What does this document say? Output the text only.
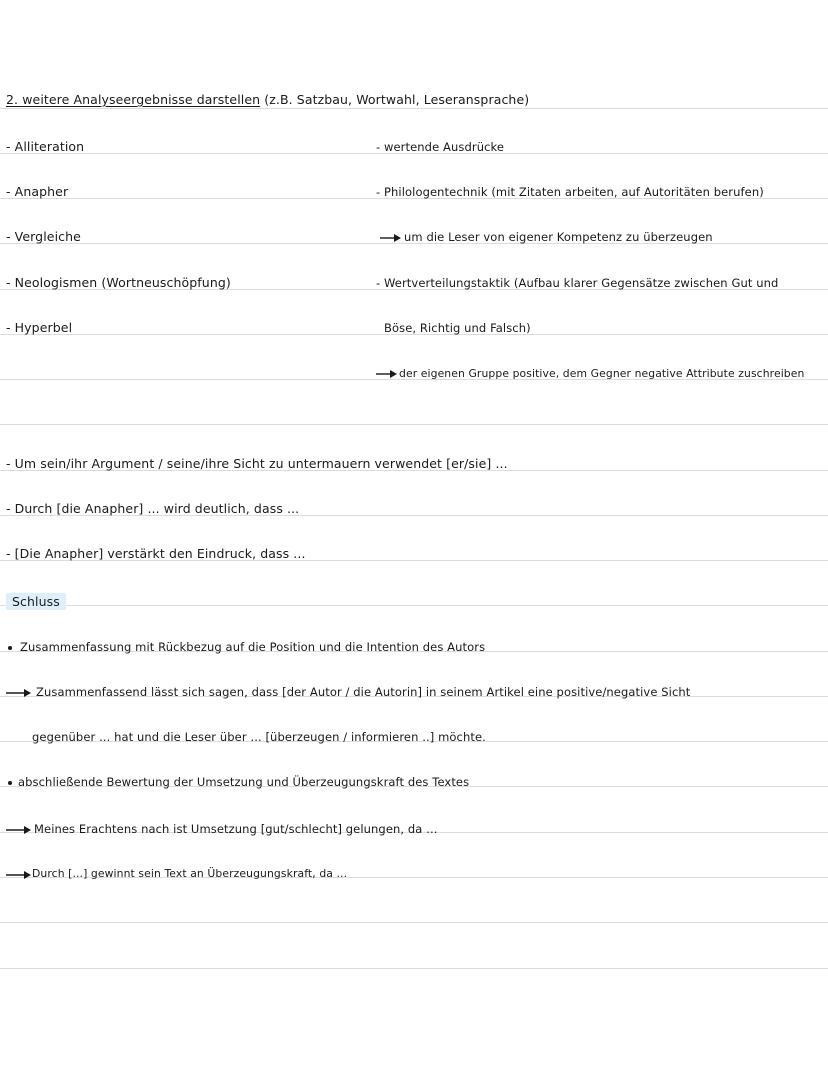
2. weitere Analyseergebnisse darstellen (z.B. Satzbau, Wortwahl, Leseransprache)
- Alliteration
- Anapher
- Vergleiche
- Neologismen (Wortneuschöpfung)
- Hyperbel
- wertende Ausdrücke
- Philologentechnik (mit Zitaten arbeiten, auf Autoritäten berufen)
um die Leser von eigener Kompetenz zu überzeugen
- Wertverteilungstaktik (Aufbau klarer Gegensätze zwischen Gut und
Böse, Richtig und Falsch)
der eigenen Gruppe positive, dem Gegner negative Attribute zuschreiben
- Um sein/ihr Argument / seine/ihre Sicht zu untermauern verwendet [er/sie] ...
- Durch [die Anapher] ... wird deutlich, dass ...
- [Die Anapher] verstärkt den Eindruck, dass ...
Schluss
Zusammenfassung mit Rückbezug auf die Position und die Intention des Autors
Zusammenfassend lässt sich sagen, dass [der Autor / die Autorin] in seinem Artikel eine positive/negative Sicht
gegenüber ... hat und die Leser über ... [überzeugen / informieren ..] möchte.
abschließende Bewertung der Umsetzung und Überzeugungskraft des Textes
Meines Erachtens nach ist Umsetzung [gut/schlecht] gelungen, da ...
Durch [...] gewinnt sein Text an Überzeugungskraft, da ...
